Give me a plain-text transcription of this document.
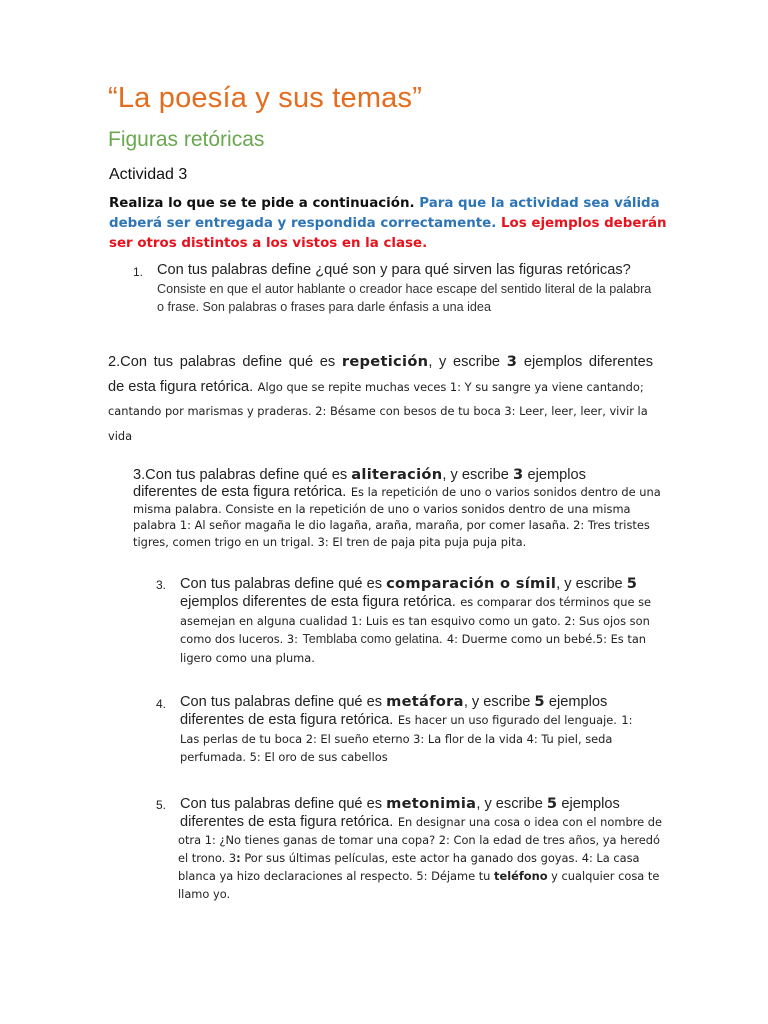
“La poesía y sus temas”
Figuras retóricas
Actividad 3
Realiza lo que se te pide a continuación. Para que la actividad sea válida deberá ser entregada y respondida correctamente. Los ejemplos deberán ser otros distintos a los vistos en la clase.
1. Con tus palabras define ¿qué son y para qué sirven las figuras retóricas? Consiste en que el autor hablante o creador hace escape del sentido literal de la palabra o frase. Son palabras o frases para darle énfasis a una idea
2.Con tus palabras define qué es repetición, y escribe 3 ejemplos diferentes
de esta figura retórica. Algo que se repite muchas veces 1: Y su sangre ya viene cantando;
cantando por marismas y praderas. 2: Bésame con besos de tu boca 3: Leer, leer, leer, vivir la
vida
3.Con tus palabras define qué es aliteración, y escribe 3 ejemplos
diferentes de esta figura retórica. Es la repetición de uno o varios sonidos dentro de una misma palabra. Consiste en la repetición de uno o varios sonidos dentro de una misma palabra 1: Al señor magaña le dio lagaña, araña, maraña, por comer lasaña. 2: Tres tristes tigres, comen trigo en un trigal. 3: El tren de paja pita puja puja pita.
3. Con tus palabras define qué es comparación o símil, y escribe 5
ejemplos diferentes de esta figura retórica. es comparar dos términos que se asemejan en alguna cualidad 1: Luis es tan esquivo como un gato. 2: Sus ojos son como dos luceros. 3: Temblaba como gelatina. 4: Duerme como un bebé.5: Es tan ligero como una pluma.
4. Con tus palabras define qué es metáfora, y escribe 5 ejemplos
diferentes de esta figura retórica. Es hacer un uso figurado del lenguaje. 1: Las perlas de tu boca 2: El sueño eterno 3: La flor de la vida 4: Tu piel, seda perfumada. 5: El oro de sus cabellos
5. Con tus palabras define qué es metonimia, y escribe 5 ejemplos
diferentes de esta figura retórica. En designar una cosa o idea con el nombre de otra 1: ¿No tienes ganas de tomar una copa? 2: Con la edad de tres años, ya heredó el trono. 3: Por sus últimas películas, este actor ha ganado dos goyas. 4: La casa blanca ya hizo declaraciones al respecto. 5: Déjame tu teléfono y cualquier cosa te llamo yo.
